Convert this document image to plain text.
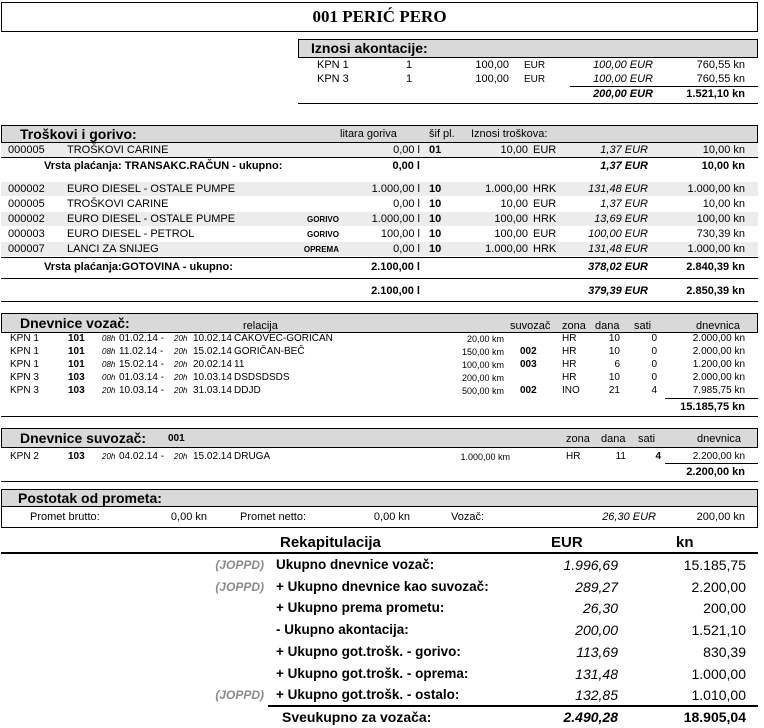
001 PERIĆ PERO
Iznosi akontacije:
KPN 1	1	100,00 EUR	100,00 EUR	760,55 kn
KPN 3	1	100,00 EUR	100,00 EUR	760,55 kn
200,00 EUR	1.521,10 kn
Troškovi i gorivo:	litara goriva	šif pl. Iznosi troškova:
000005 TROŠKOVI CARINE	0,00 l 01	10,00 EUR	1,37 EUR	10,00 kn
Vrsta plaćanja: TRANSAKC.RAČUN - ukupno:	0,00 l	1,37 EUR	10,00 kn
000002 EURO DIESEL - OSTALE PUMPE	1.000,00 l 10	1.000,00 HRK	131,48 EUR	1.000,00 kn
000005 TROŠKOVI CARINE	0,00 l 10	10,00 EUR	1,37 EUR	10,00 kn
000002 EURO DIESEL - OSTALE PUMPE	GORIVO	1.000,00 l 10	100,00 HRK	13,69 EUR	100,00 kn
000003 EURO DIESEL - PETROL	GORIVO	100,00 l 10	100,00 EUR	100,00 EUR	730,39 kn
000007 LANCI ZA SNIJEG	OPREMA	0,00 l 10	1.000,00 HRK	131,48 EUR	1.000,00 kn
Vrsta plaćanja:GOTOVINA - ukupno:	2.100,00 l	378,02 EUR	2.840,39 kn
2.100,00 l	379,39 EUR	2.850,39 kn
Dnevnice vozač:	relacija	suvozač zona dana sati	dnevnica
KPN 1	101 08h 01.02.14 - 20h 10.02.14 ČAKOVEC-GORIČAN	20,00 km	HR	10	0	2.000,00 kn
KPN 1	101 08h 11.02.14 - 20h 15.02.14 GORIČAN-BEČ	150,00 km 002	HR	10	0	2.000,00 kn
KPN 1	101 08h 15.02.14 - 20h 20.02.14 11	100,00 km 003	HR	6	0	1.200,00 kn
KPN 3	103 00h 01.03.14 - 20h 10.03.14 DSDSDSDS	200,00 km	HR	10	0	2.000,00 kn
KPN 3	103 20h 10.03.14 - 20h 31.03.14 DDJD	500,00 km 002	INO	21	4	7.985,75 kn
15.185,75 kn
Dnevnice suvozač: 001	zona dana sati	dnevnica
KPN 2	103 20h 04.02.14 - 20h 15.02.14 DRUGA	1.000,00 km	HR	11	4	2.200,00 kn
2.200,00 kn
Postotak od prometa:
Promet brutto:	0,00 kn	Promet netto:	0,00 kn	Vozač:	26,30 EUR	200,00 kn
Rekapitulacija	EUR	kn
(JOPPD) Ukupno dnevnice vozač:	1.996,69	15.185,75
(JOPPD) + Ukupno dnevnice kao suvozač:	289,27	2.200,00
+ Ukupno prema prometu:	26,30	200,00
- Ukupno akontacija:	200,00	1.521,10
+ Ukupno got.trošk. - gorivo:	113,69	830,39
+ Ukupno got.trošk. - oprema:	131,48	1.000,00
(JOPPD) + Ukupno got.trošk. - ostalo:	132,85	1.010,00
Sveukupno za vozača:	2.490,28	18.905,04
